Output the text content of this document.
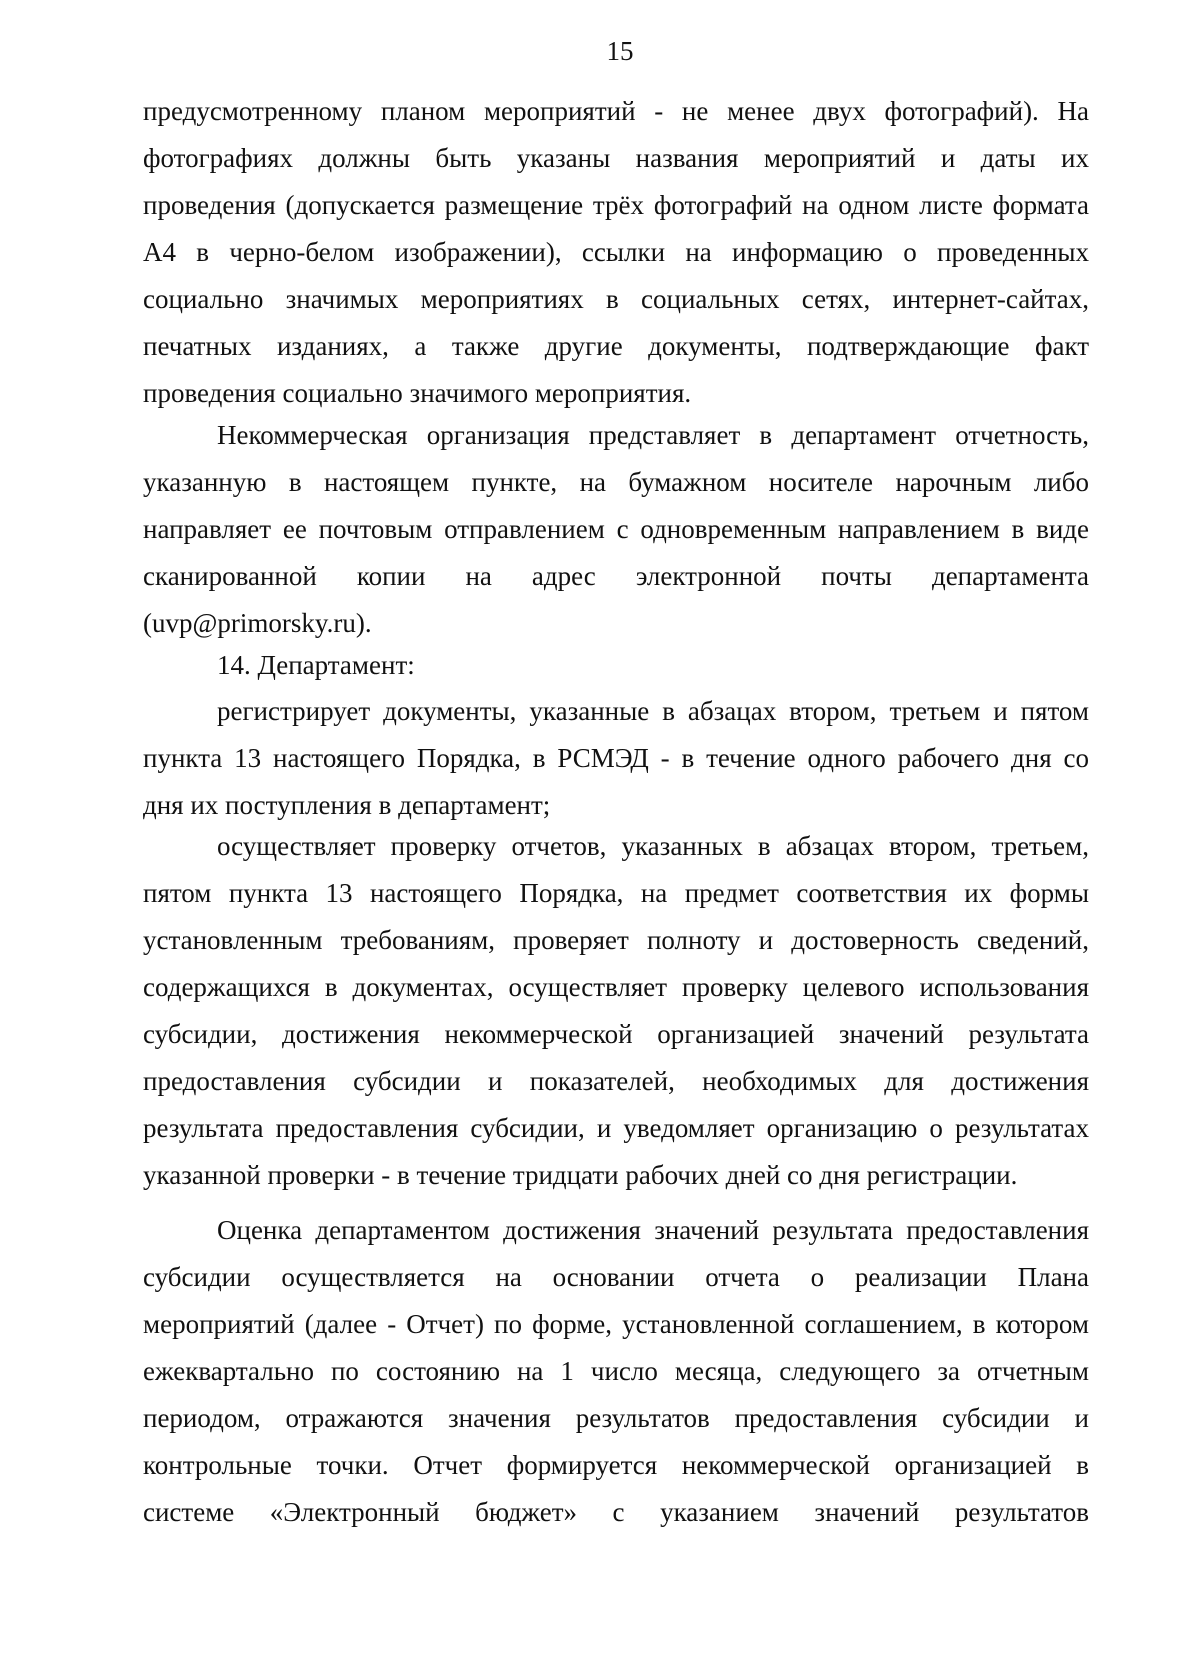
15
предусмотренному планом мероприятий - не менее двух фотографий). На
фотографиях должны быть указаны названия мероприятий и даты их
проведения (допускается размещение трёх фотографий на одном листе формата
А4 в черно-белом изображении), ссылки на информацию о проведенных
социально значимых мероприятиях в социальных сетях, интернет-сайтах,
печатных изданиях, а также другие документы, подтверждающие факт
проведения социально значимого мероприятия.
Некоммерческая организация представляет в департамент отчетность,
указанную в настоящем пункте, на бумажном носителе нарочным либо
направляет ее почтовым отправлением с одновременным направлением в виде
сканированной копии на адрес электронной почты департамента
(uvp@primorsky.ru).
14. Департамент:
регистрирует документы, указанные в абзацах втором, третьем и пятом
пункта 13 настоящего Порядка, в РСМЭД - в течение одного рабочего дня со
дня их поступления в департамент;
осуществляет проверку отчетов, указанных в абзацах втором, третьем,
пятом пункта 13 настоящего Порядка, на предмет соответствия их формы
установленным требованиям, проверяет полноту и достоверность сведений,
содержащихся в документах, осуществляет проверку целевого использования
субсидии, достижения некоммерческой организацией значений результата
предоставления субсидии и показателей, необходимых для достижения
результата предоставления субсидии, и уведомляет организацию о результатах
указанной проверки - в течение тридцати рабочих дней со дня регистрации.
Оценка департаментом достижения значений результата предоставления
субсидии осуществляется на основании отчета о реализации Плана
мероприятий (далее - Отчет) по форме, установленной соглашением, в котором
ежеквартально по состоянию на 1 число месяца, следующего за отчетным
периодом, отражаются значения результатов предоставления субсидии и
контрольные точки. Отчет формируется некоммерческой организацией в
системе «Электронный бюджет» с указанием значений результатов
